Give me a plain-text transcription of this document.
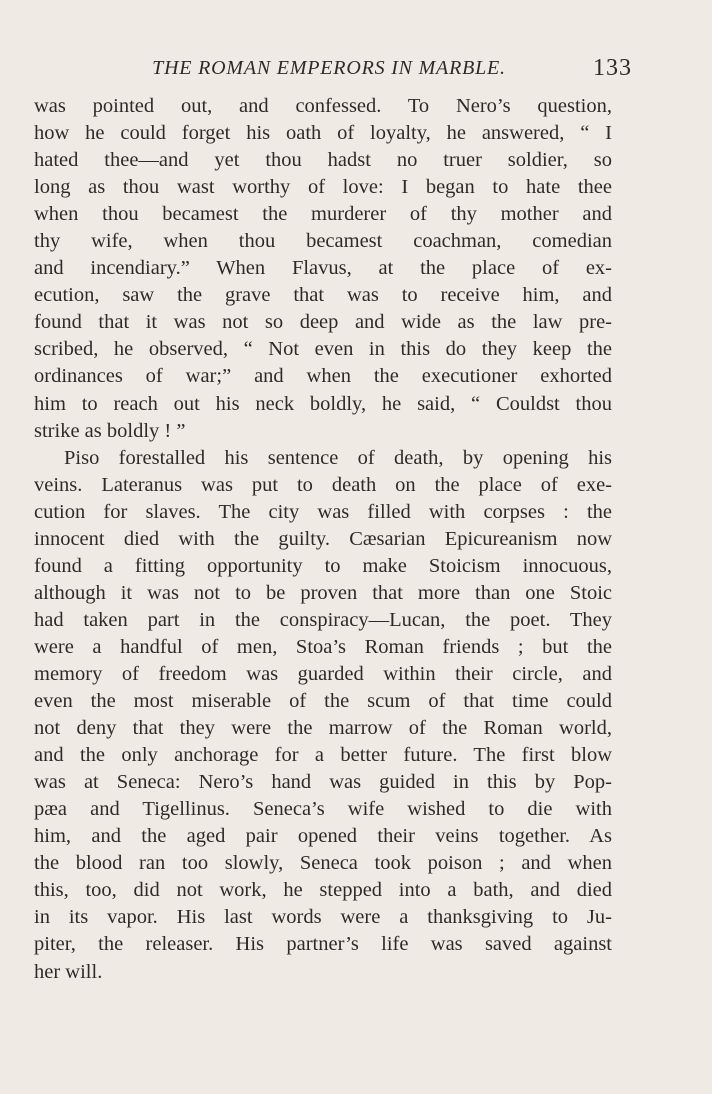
THE ROMAN EMPERORS IN MARBLE.	133
was pointed out, and confessed. To Nero’s question,
how he could forget his oath of loyalty, he answered, “ I
hated thee—and yet thou hadst no truer soldier, so
long as thou wast worthy of love: I began to hate thee
when thou becamest the murderer of thy mother and
thy wife, when thou becamest coachman, comedian
and incendiary.” When Flavus, at the place of ex-
ecution, saw the grave that was to receive him, and
found that it was not so deep and wide as the law pre-
scribed, he observed, “ Not even in this do they keep the
ordinances of war;” and when the executioner exhorted
him to reach out his neck boldly, he said, “ Couldst thou
strike as boldly ! ”
Piso forestalled his sentence of death, by opening his
veins. Lateranus was put to death on the place of exe-
cution for slaves. The city was filled with corpses : the
innocent died with the guilty. Cæsarian Epicureanism now
found a fitting opportunity to make Stoicism innocuous,
although it was not to be proven that more than one Stoic
had taken part in the conspiracy—Lucan, the poet. They
were a handful of men, Stoa’s Roman friends ; but the
memory of freedom was guarded within their circle, and
even the most miserable of the scum of that time could
not deny that they were the marrow of the Roman world,
and the only anchorage for a better future. The first blow
was at Seneca: Nero’s hand was guided in this by Pop-
pæa and Tigellinus. Seneca’s wife wished to die with
him, and the aged pair opened their veins together. As
the blood ran too slowly, Seneca took poison ; and when
this, too, did not work, he stepped into a bath, and died
in its vapor. His last words were a thanksgiving to Ju-
piter, the releaser. His partner’s life was saved against
her will.
